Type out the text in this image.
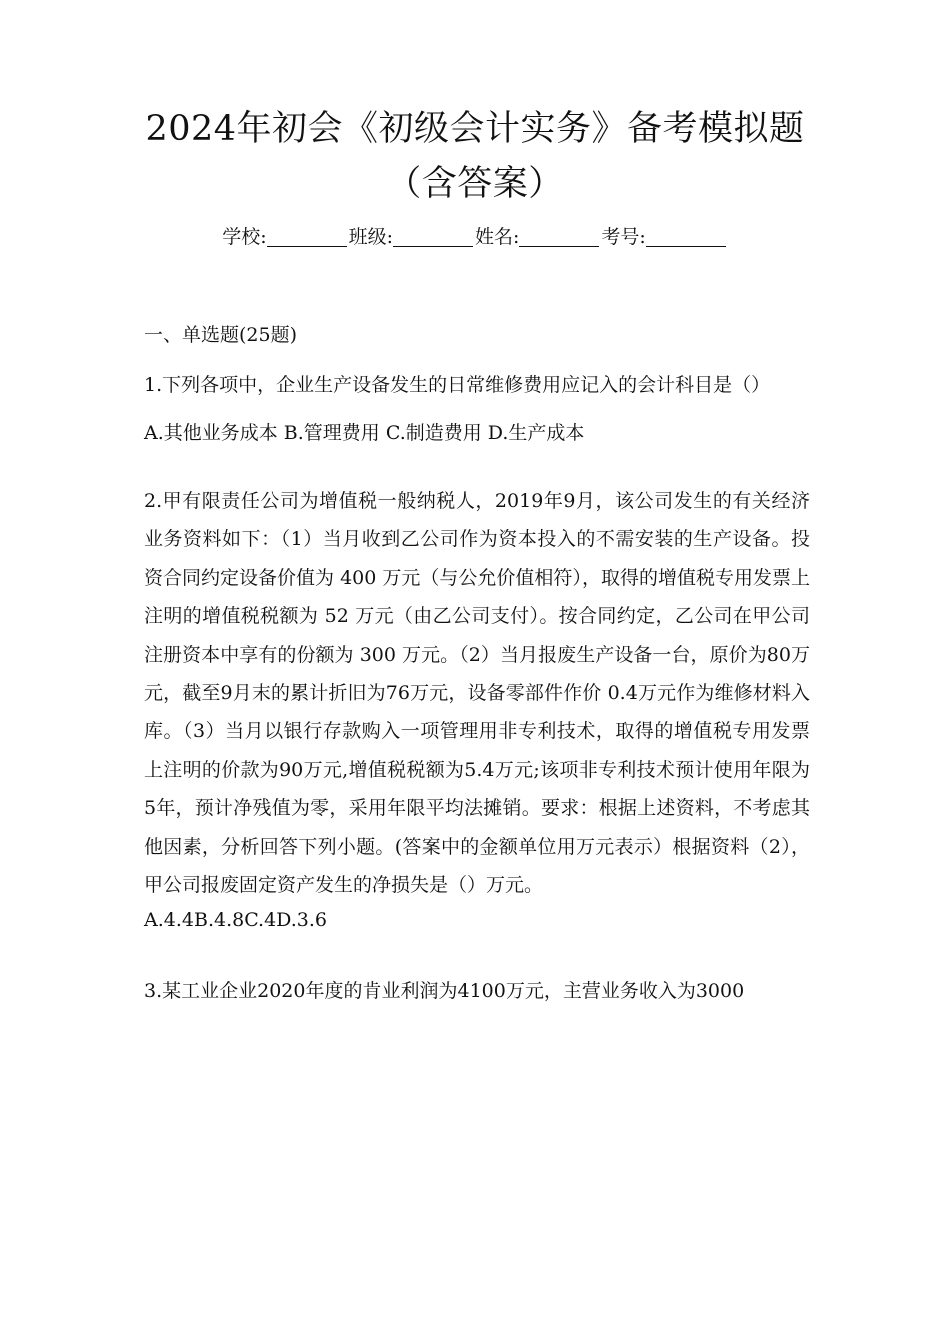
2024年初会《初级会计实务》备考模拟题（含答案）
学校:	班级:	姓名:	考号:
一、单选题(25题)

1.下列各项中，企业生产设备发生的日常维修费用应记入的会计科目是（）

A.其他业务成本 B.管理费用 C.制造费用 D.生产成本

2.甲有限责任公司为增值税一般纳税人，2019年9月，该公司发生的有关经济业务资料如下：（1）当月收到乙公司作为资本投入的不需安装的生产设备。投资合同约定设备价值为 400 万元（与公允价值相符），取得的增值税专用发票上注明的增值税税额为 52 万元（由乙公司支付）。按合同约定，乙公司在甲公司注册资本中享有的份额为 300 万元。（2）当月报废生产设备一台，原价为80万元，截至9月末的累计折旧为76万元，设备零部件作价 0.4万元作为维修材料入库。（3）当月以银行存款购入一项管理用非专利技术，取得的增值税专用发票上注明的价款为90万元,增值税税额为5.4万元;该项非专利技术预计使用年限为5年，预计净残值为零，采用年限平均法摊销。要求：根据上述资料，不考虑其他因素，分析回答下列小题。(答案中的金额单位用万元表示）根据资料（2），甲公司报废固定资产发生的净损失是（）万元。

A.4.4B.4.8C.4D.3.6

3.某工业企业2020年度的肯业利润为4100万元，主营业务收入为3000
